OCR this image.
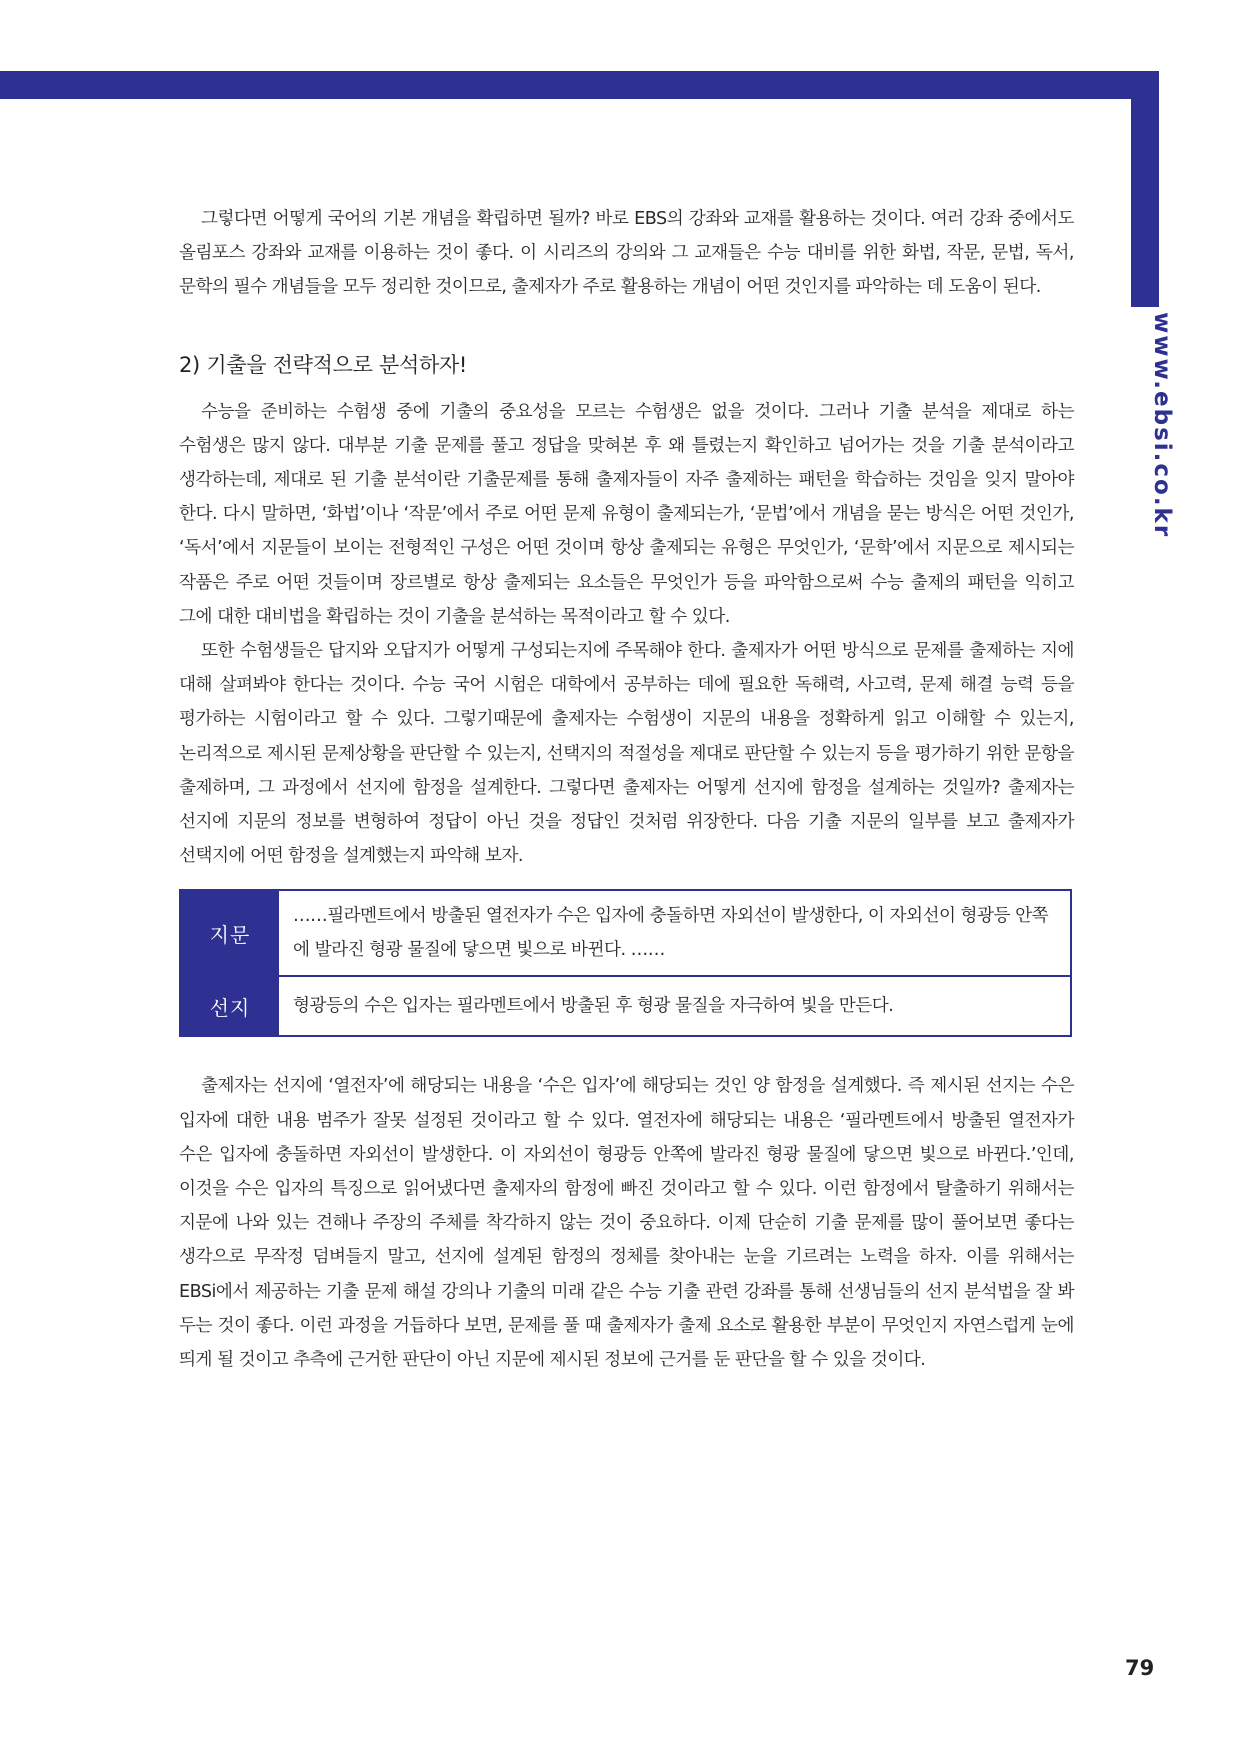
www.ebsi.co.kr

그렇다면 어떻게 국어의 기본 개념을 확립하면 될까? 바로 EBS의 강좌와 교재를 활용하는 것이다. 여러 강좌 중에서도 올림포스 강좌와 교재를 이용하는 것이 좋다. 이 시리즈의 강의와 그 교재들은 수능 대비를 위한 화법, 작문, 문법, 독서, 문학의 필수 개념들을 모두 정리한 것이므로, 출제자가 주로 활용하는 개념이 어떤 것인지를 파악하는 데 도움이 된다.

2) 기출을 전략적으로 분석하자!

수능을 준비하는 수험생 중에 기출의 중요성을 모르는 수험생은 없을 것이다. 그러나 기출 분석을 제대로 하는 수험생은 많지 않다. 대부분 기출 문제를 풀고 정답을 맞혀본 후 왜 틀렸는지 확인하고 넘어가는 것을 기출 분석이라고 생각하는데, 제대로 된 기출 분석이란 기출문제를 통해 출제자들이 자주 출제하는 패턴을 학습하는 것임을 잊지 말아야 한다. 다시 말하면, ‘화법’이나 ‘작문’에서 주로 어떤 문제 유형이 출제되는가, ‘문법’에서 개념을 묻는 방식은 어떤 것인가, ‘독서’에서 지문들이 보이는 전형적인 구성은 어떤 것이며 항상 출제되는 유형은 무엇인가, ‘문학’에서 지문으로 제시되는 작품은 주로 어떤 것들이며 장르별로 항상 출제되는 요소들은 무엇인가 등을 파악함으로써 수능 출제의 패턴을 익히고 그에 대한 대비법을 확립하는 것이 기출을 분석하는 목적이라고 할 수 있다.

또한 수험생들은 답지와 오답지가 어떻게 구성되는지에 주목해야 한다. 출제자가 어떤 방식으로 문제를 출제하는 지에 대해 살펴봐야 한다는 것이다. 수능 국어 시험은 대학에서 공부하는 데에 필요한 독해력, 사고력, 문제 해결 능력 등을 평가하는 시험이라고 할 수 있다. 그렇기때문에 출제자는 수험생이 지문의 내용을 정확하게 읽고 이해할 수 있는지, 논리적으로 제시된 문제상황을 판단할 수 있는지, 선택지의 적절성을 제대로 판단할 수 있는지 등을 평가하기 위한 문항을 출제하며, 그 과정에서 선지에 함정을 설계한다. 그렇다면 출제자는 어떻게 선지에 함정을 설계하는 것일까? 출제자는 선지에 지문의 정보를 변형하여 정답이 아닌 것을 정답인 것처럼 위장한다. 다음 기출 지문의 일부를 보고 출제자가 선택지에 어떤 함정을 설계했는지 파악해 보자.

지문	……필라멘트에서 방출된 열전자가 수은 입자에 충돌하면 자외선이 발생한다, 이 자외선이 형광등 안쪽에 발라진 형광 물질에 닿으면 빛으로 바뀐다. ……
선지	형광등의 수은 입자는 필라멘트에서 방출된 후 형광 물질을 자극하여 빛을 만든다.

출제자는 선지에 ‘열전자’에 해당되는 내용을 ‘수은 입자’에 해당되는 것인 양 함정을 설계했다. 즉 제시된 선지는 수은 입자에 대한 내용 범주가 잘못 설정된 것이라고 할 수 있다. 열전자에 해당되는 내용은 ‘필라멘트에서 방출된 열전자가 수은 입자에 충돌하면 자외선이 발생한다. 이 자외선이 형광등 안쪽에 발라진 형광 물질에 닿으면 빛으로 바뀐다.’인데, 이것을 수은 입자의 특징으로 읽어냈다면 출제자의 함정에 빠진 것이라고 할 수 있다. 이런 함정에서 탈출하기 위해서는 지문에 나와 있는 견해나 주장의 주체를 착각하지 않는 것이 중요하다. 이제 단순히 기출 문제를 많이 풀어보면 좋다는 생각으로 무작정 덤벼들지 말고, 선지에 설계된 함정의 정체를 찾아내는 눈을 기르려는 노력을 하자. 이를 위해서는 EBSi에서 제공하는 기출 문제 해설 강의나 기출의 미래 같은 수능 기출 관련 강좌를 통해 선생님들의 선지 분석법을 잘 봐 두는 것이 좋다. 이런 과정을 거듭하다 보면, 문제를 풀 때 출제자가 출제 요소로 활용한 부분이 무엇인지 자연스럽게 눈에 띄게 될 것이고 추측에 근거한 판단이 아닌 지문에 제시된 정보에 근거를 둔 판단을 할 수 있을 것이다.

79
